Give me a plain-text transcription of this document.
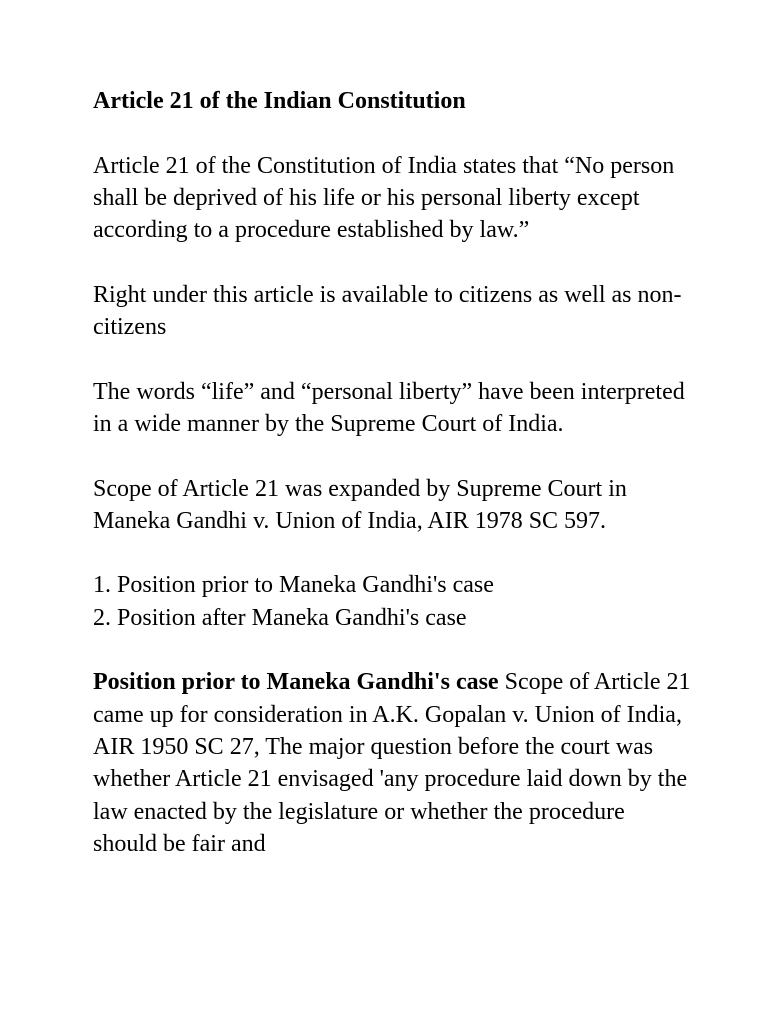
Article 21 of the Indian Constitution

Article 21 of the Constitution of India states that “No person shall be deprived of his life or his personal liberty except according to a procedure established by law.”

Right under this article is available to citizens as well as non-citizens

The words “life” and “personal liberty” have been interpreted in a wide manner by the Supreme Court of India.

Scope of Article 21 was expanded by Supreme Court in Maneka Gandhi v. Union of India, AIR 1978 SC 597.

1. Position prior to Maneka Gandhi's case

2. Position after Maneka Gandhi's case

Position prior to Maneka Gandhi's case Scope of Article 21 came up for consideration in A.K. Gopalan v. Union of India, AIR 1950 SC 27, The major question before the court was whether Article 21 envisaged 'any procedure laid down by the law enacted by the legislature or whether the procedure should be fair and
